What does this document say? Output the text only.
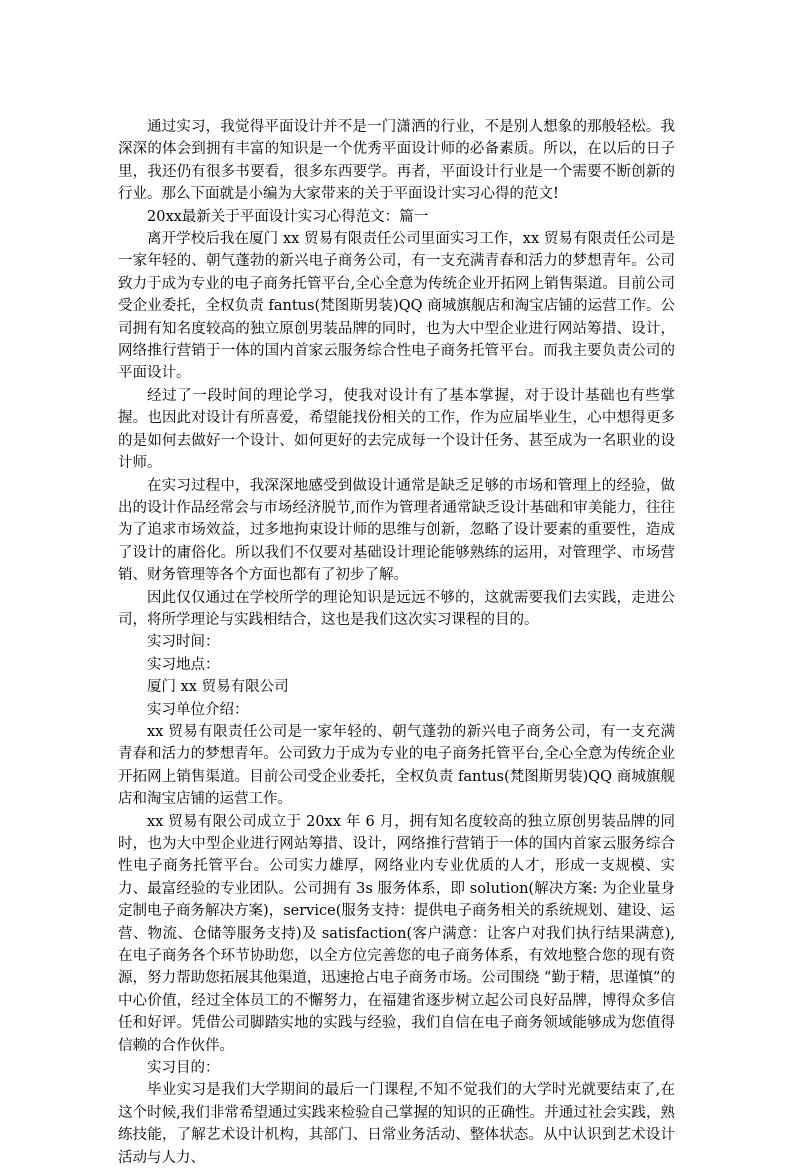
通过实习，我觉得平面设计并不是一门潇洒的行业，不是别人想象的那般轻松。我深深的体会到拥有丰富的知识是一个优秀平面设计师的必备素质。所以，在以后的日子里，我还仍有很多书要看，很多东西要学。再者，平面设计行业是一个需要不断创新的行业。那么下面就是小编为大家带来的关于平面设计实习心得的范文!

20xx最新关于平面设计实习心得范文：篇一

离开学校后我在厦门 xx 贸易有限责任公司里面实习工作，xx 贸易有限责任公司是一家年轻的、朝气蓬勃的新兴电子商务公司，有一支充满青春和活力的梦想青年。公司致力于成为专业的电子商务托管平台,全心全意为传统企业开拓网上销售渠道。目前公司受企业委托，全权负责 fantus(梵图斯男装)QQ 商城旗舰店和淘宝店铺的运营工作。公司拥有知名度较高的独立原创男装品牌的同时，也为大中型企业进行网站筹措、设计，网络推行营销于一体的国内首家云服务综合性电子商务托管平台。而我主要负责公司的平面设计。

经过了一段时间的理论学习，使我对设计有了基本掌握，对于设计基础也有些掌握。也因此对设计有所喜爱，希望能找份相关的工作，作为应届毕业生，心中想得更多的是如何去做好一个设计、如何更好的去完成每一个设计任务、甚至成为一名职业的设计师。

在实习过程中，我深深地感受到做设计通常是缺乏足够的市场和管理上的经验，做出的设计作品经常会与市场经济脱节,而作为管理者通常缺乏设计基础和审美能力，往往为了追求市场效益，过多地拘束设计师的思维与创新，忽略了设计要素的重要性，造成了设计的庸俗化。所以我们不仅要对基础设计理论能够熟练的运用，对管理学、市场营销、财务管理等各个方面也都有了初步了解。

因此仅仅通过在学校所学的理论知识是远远不够的，这就需要我们去实践，走进公司，将所学理论与实践相结合，这也是我们这次实习课程的目的。

实习时间：

实习地点：

厦门 xx 贸易有限公司

实习单位介绍：

xx 贸易有限责任公司是一家年轻的、朝气蓬勃的新兴电子商务公司，有一支充满青春和活力的梦想青年。公司致力于成为专业的电子商务托管平台,全心全意为传统企业开拓网上销售渠道。目前公司受企业委托，全权负责 fantus(梵图斯男装)QQ 商城旗舰店和淘宝店铺的运营工作。

xx 贸易有限公司成立于 20xx 年 6 月，拥有知名度较高的独立原创男装品牌的同时，也为大中型企业进行网站筹措、设计，网络推行营销于一体的国内首家云服务综合性电子商务托管平台。公司实力雄厚，网络业内专业优质的人才，形成一支规模、实力、最富经验的专业团队。公司拥有 3s 服务体系，即 solution(解决方案: 为企业量身定制电子商务解决方案)，service(服务支持：提供电子商务相关的系统规划、建设、运营、物流、仓储等服务支持)及 satisfaction(客户满意：让客户对我们执行结果满意),在电子商务各个环节协助您，以全方位完善您的电子商务体系，有效地整合您的现有资源，努力帮助您拓展其他渠道，迅速抢占电子商务市场。公司围绕 “勤于精，思谨慎”的中心价值，经过全体员工的不懈努力，在福建省逐步树立起公司良好品牌，博得众多信任和好评。凭借公司脚踏实地的实践与经验，我们自信在电子商务领域能够成为您值得信赖的合作伙伴。

实习目的：

毕业实习是我们大学期间的最后一门课程,不知不觉我们的大学时光就要结束了,在这个时候,我们非常希望通过实践来检验自己掌握的知识的正确性。并通过社会实践，熟练技能，了解艺术设计机构，其部门、日常业务活动、整体状态。从中认识到艺术设计活动与人力、
